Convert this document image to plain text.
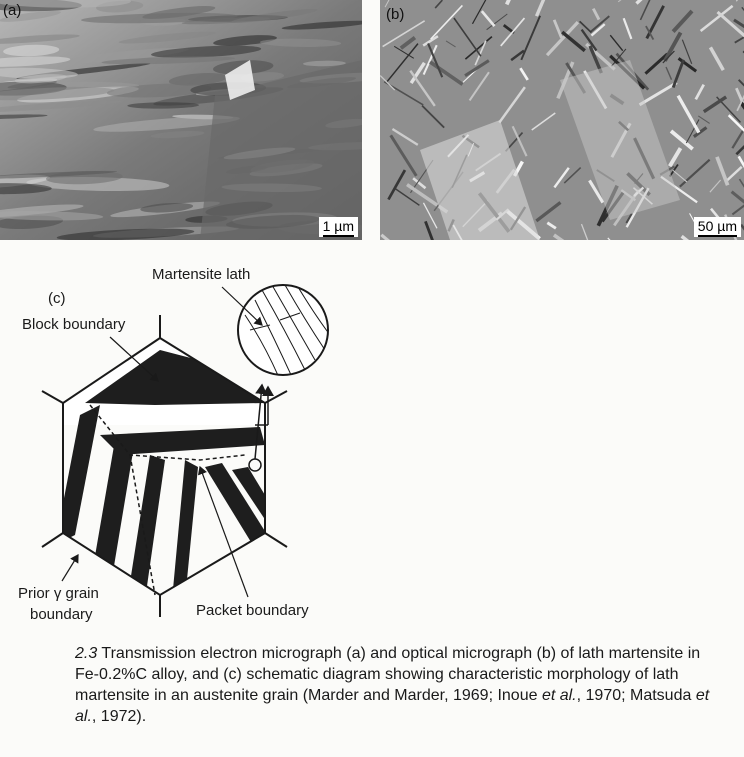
(a)
1 µm
(b)
50 µm
(c)
Martensite lath
Block boundary
Prior γ grain
boundary	Packet boundary
2.3 Transmission electron micrograph (a) and optical micrograph (b) of lath martensite in Fe-0.2%C alloy, and (c) schematic diagram showing characteristic morphology of lath martensite in an austenite grain (Marder and Marder, 1969; Inoue et al., 1970; Matsuda et al., 1972).
